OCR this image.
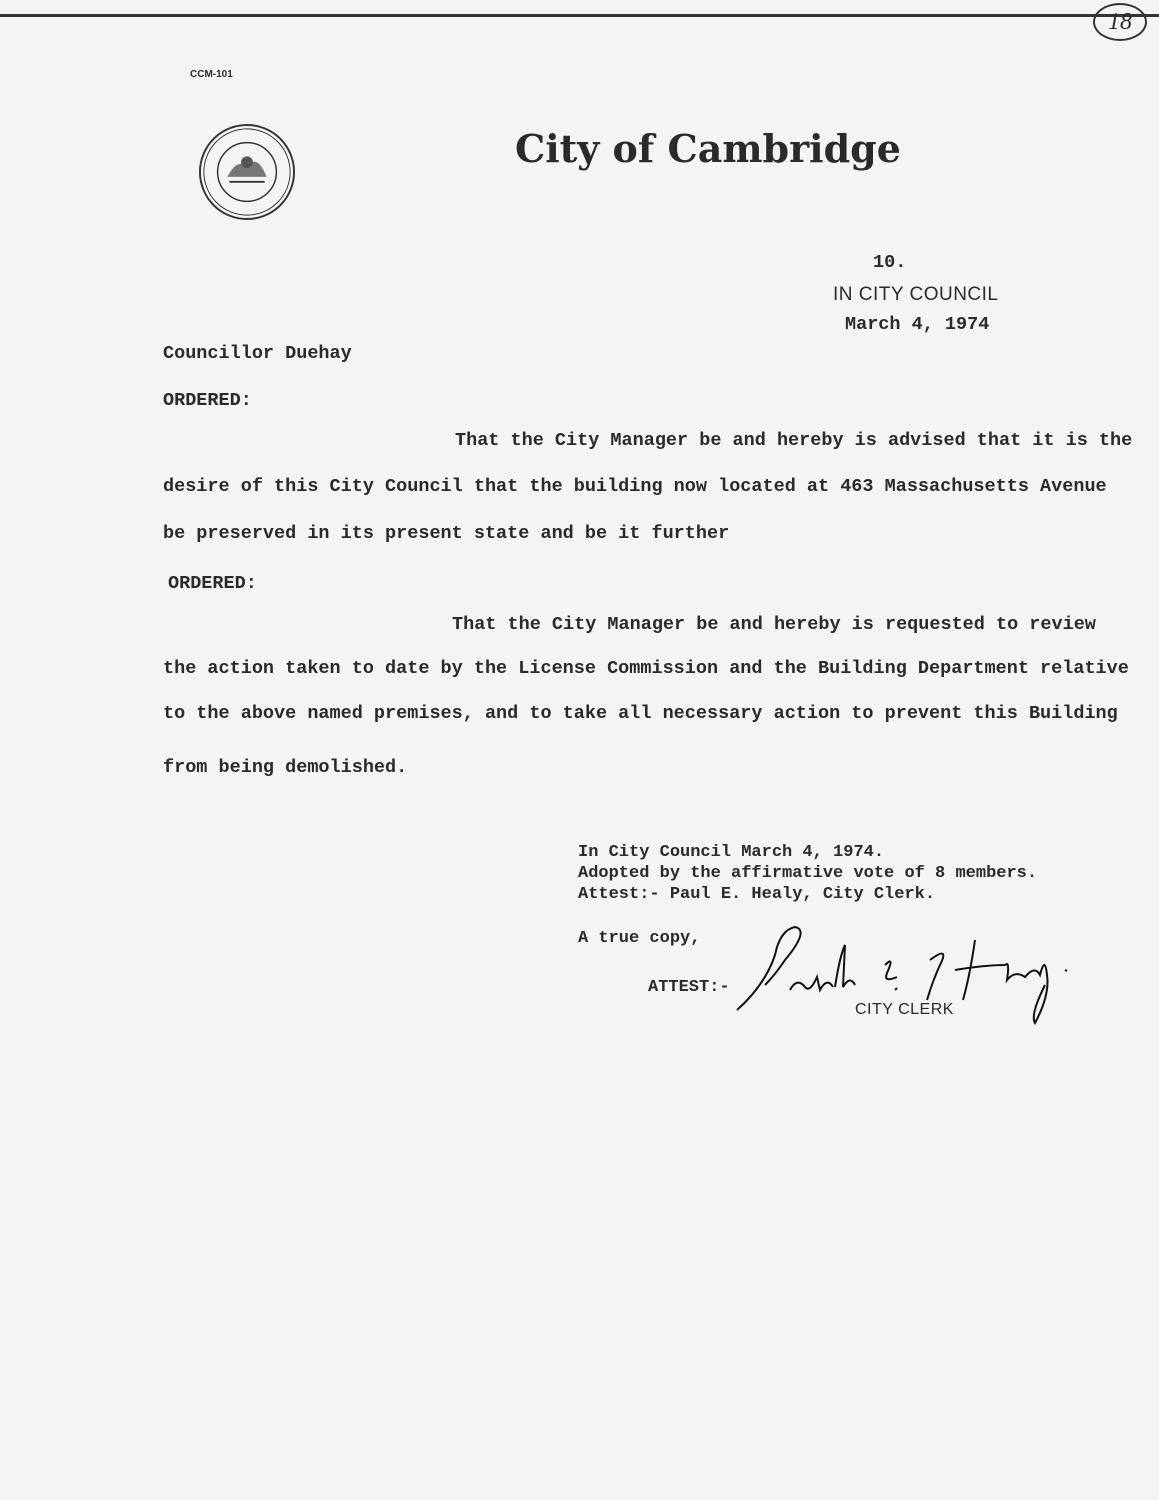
18
CCM-101
City of Cambridge
10.
IN CITY COUNCIL
March 4, 1974
Councillor Duehay
ORDERED:
That the City Manager be and hereby is advised that it is the
desire of this City Council that the building now located at 463 Massachusetts Avenue
be preserved in its present state and be it further
ORDERED:
That the City Manager be and hereby is requested to review
the action taken to date by the License Commission and the Building Department relative
to the above named premises, and to take all necessary action to prevent this Building
from being demolished.
In City Council March 4, 1974.
Adopted by the affirmative vote of 8 members.
Attest:- Paul E. Healy, City Clerk.
A true copy,
ATTEST:-
CITY CLERK
